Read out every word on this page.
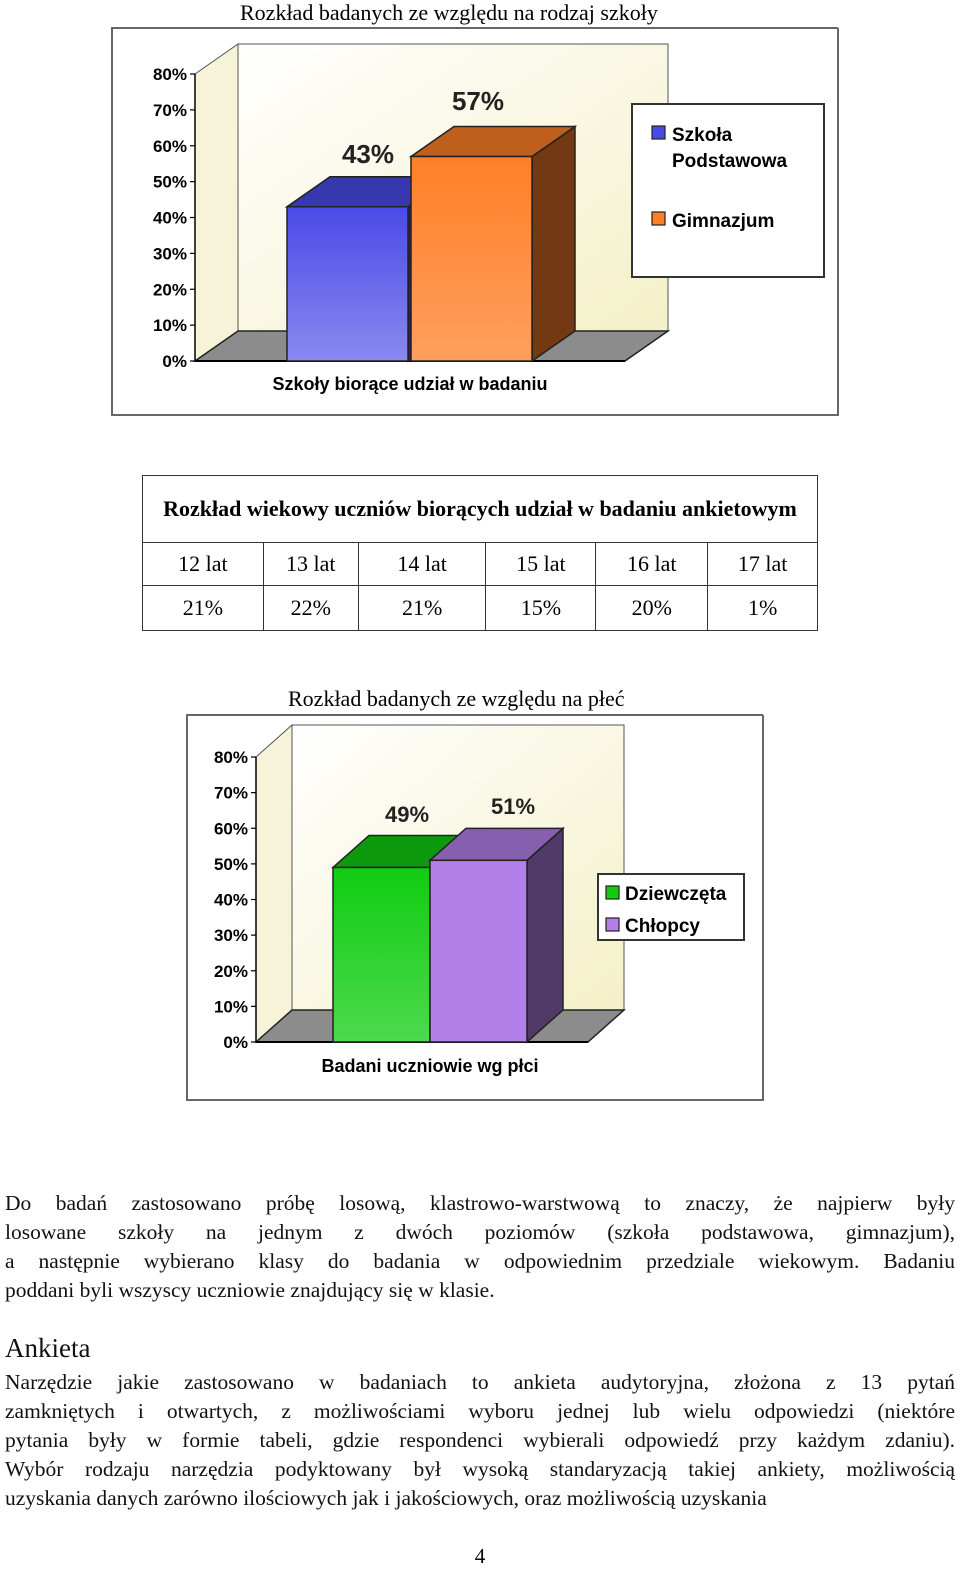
Rozkład badanych ze względu na rodzaj szkoły
0%
10%
20%
30%
40%
50%
60%
70%
80%
43%
57%
Szkoły biorące udział w badaniu
Szkoła
Podstawowa
Gimnazjum
Rozkład wiekowy uczniów biorących udział w badaniu ankietowym					
12 lat	13 lat	14 lat	15 lat	16 lat	17 lat
21%	22%	21%	15%	20%	1%
Rozkład badanych ze względu na płeć
0%
10%
20%
30%
40%
50%
60%
70%
80%
49%	51%
Badani uczniowie wg płci
Dziewczęta
Chłopcy

Do badań zastosowano próbę losową, klastrowo-warstwową to znaczy, że najpierw były

losowane szkoły na jednym z dwóch poziomów (szkoła podstawowa, gimnazjum),

a następnie wybierano klasy do badania w odpowiednim przedziale wiekowym. Badaniu

poddani byli wszyscy uczniowie znajdujący się w klasie.

Ankieta

Narzędzie jakie zastosowano w badaniach to ankieta audytoryjna, złożona z 13 pytań

zamkniętych i otwartych, z możliwościami wyboru jednej lub wielu odpowiedzi (niektóre

pytania były w formie tabeli, gdzie respondenci wybierali odpowiedź przy każdym zdaniu).

Wybór rodzaju narzędzia podyktowany był wysoką standaryzacją takiej ankiety, możliwością

uzyskania danych zarówno ilościowych jak i jakościowych, oraz możliwością uzyskania

4
